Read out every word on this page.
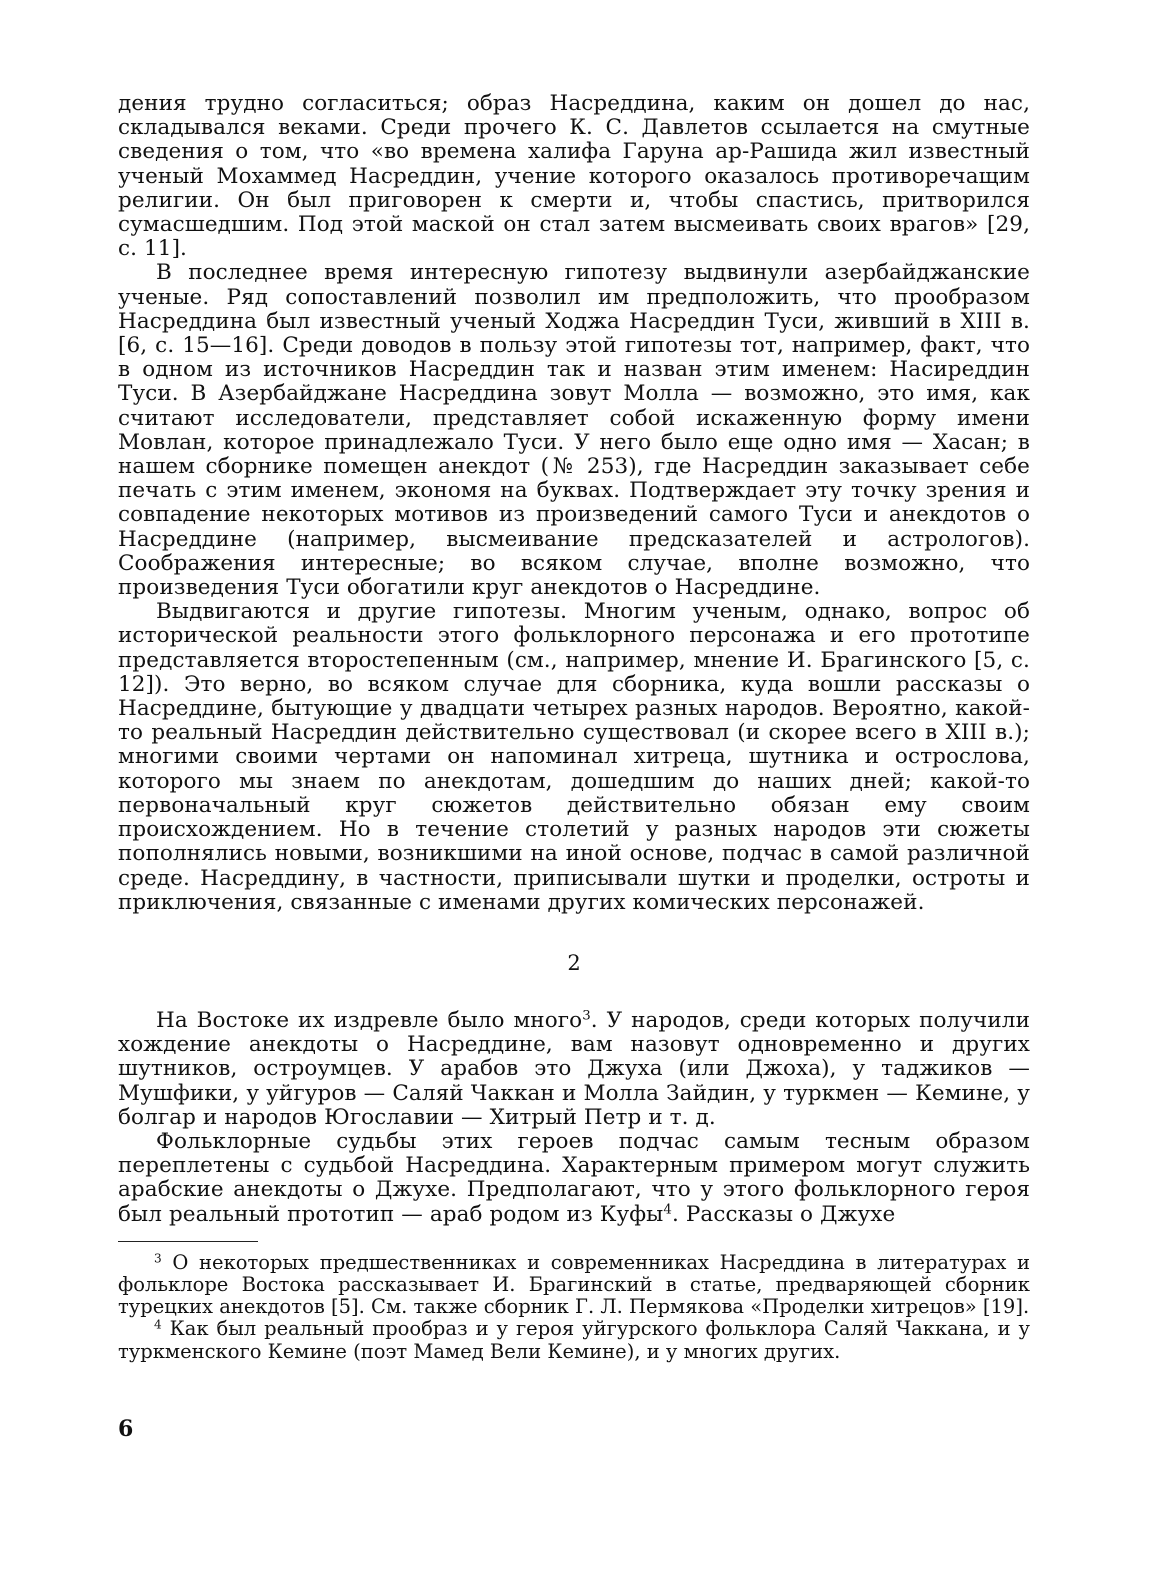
дения трудно согласиться; образ Насреддина, каким он дошел до нас, складывался веками. Среди прочего К. С. Давлетов ссылается на смутные сведения о том, что «во времена халифа Гаруна ар-Рашида жил известный ученый Мохаммед Насреддин, учение которого оказалось противоречащим религии. Он был приговорен к смерти и, чтобы спастись, притворился сумасшедшим. Под этой маской он стал затем высмеивать своих врагов» [29, с. 11].

В последнее время интересную гипотезу выдвинули азербайджанские ученые. Ряд сопоставлений позволил им предположить, что прообразом Насреддина был известный ученый Ходжа Насреддин Туси, живший в XIII в. [6, с. 15—16]. Среди доводов в пользу этой гипотезы тот, например, факт, что в одном из источников Насреддин так и назван этим именем: Насиреддин Туси. В Азербайджане Насреддина зовут Молла — возможно, это имя, как считают исследователи, представляет собой искаженную форму имени Мовлан, которое принадлежало Туси. У него было еще одно имя — Хасан; в нашем сборнике помещен анекдот (№ 253), где Насреддин заказывает себе печать с этим именем, экономя на буквах. Подтверждает эту точку зрения и совпадение некоторых мотивов из произведений самого Туси и анекдотов о Насреддине (например, высмеивание предсказателей и астрологов). Соображения интересные; во всяком случае, вполне возможно, что произведения Туси обогатили круг анекдотов о Насреддине.

Выдвигаются и другие гипотезы. Многим ученым, однако, вопрос об исторической реальности этого фольклорного персонажа и его прототипе представляется второстепенным (см., например, мнение И. Брагинского [5, с. 12]). Это верно, во всяком случае для сборника, куда вошли рассказы о Насреддине, бытующие у двадцати четырех разных народов. Вероятно, какой-то реальный Насреддин действительно существовал (и скорее всего в XIII в.); многими своими чертами он напоминал хитреца, шутника и острослова, которого мы знаем по анекдотам, дошедшим до наших дней; какой-то первоначальный круг сюжетов действительно обязан ему своим происхождением. Но в течение столетий у разных народов эти сюжеты пополнялись новыми, возникшими на иной основе, подчас в самой различной среде. Насреддину, в частности, приписывали шутки и проделки, остроты и приключения, связанные с именами других комических персонажей.

2

На Востоке их издревле было много$^3$. У народов, среди которых получили хождение анекдоты о Насреддине, вам назовут одновременно и других шутников, остроумцев. У арабов это Джуха (или Джоха), у таджиков — Мушфики, у уйгуров — Саляй Чаккан и Молла Зайдин, у туркмен — Кемине, у болгар и народов Югославии — Хитрый Петр и т. д.

Фольклорные судьбы этих героев подчас самым тесным образом переплетены с судьбой Насреддина. Характерным примером могут служить арабские анекдоты о Джухе. Предполагают, что у этого фольклорного героя был реальный прототип — араб родом из Куфы$^4$. Рассказы о Джухе

$^3$ О некоторых предшественниках и современниках Насреддина в литературах и фольклоре Востока рассказывает И. Брагинский в статье, предваряющей сборник турецких анекдотов [5]. См. также сборник Г. Л. Пермякова «Проделки хитрецов» [19].

$^4$ Как был реальный прообраз и у героя уйгурского фольклора Саляй Чаккана, и у туркменского Кемине (поэт Мамед Вели Кемине), и у многих других.

6
